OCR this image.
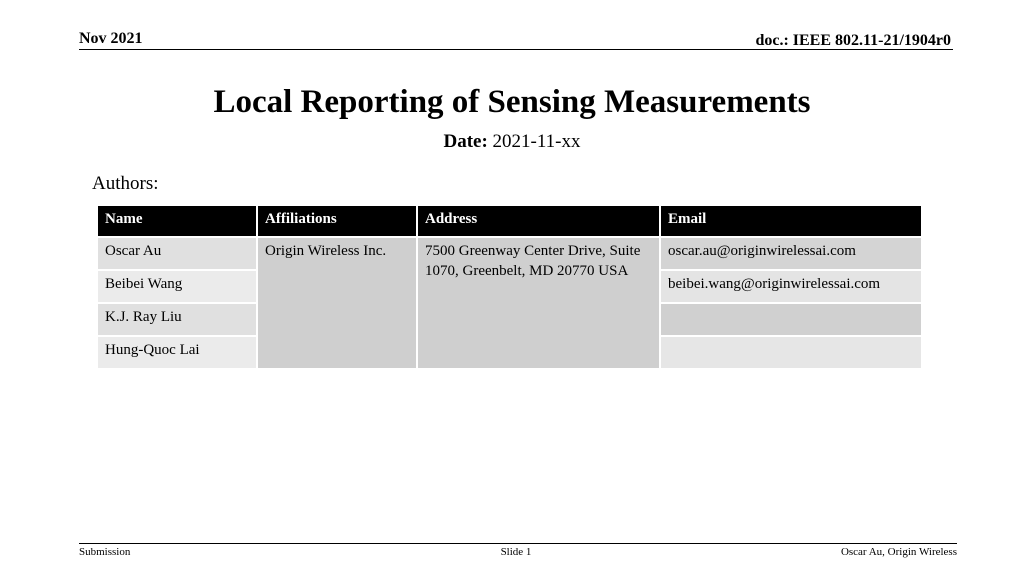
Nov 2021	doc.: IEEE 802.11-21/1904r0
Local Reporting of Sensing Measurements
Date: 2021-11-xx
Authors:
Name	Affiliations	Address	Email
Oscar Au	Origin Wireless Inc.	7500 Greenway Center Drive, Suite 1070, Greenbelt, MD 20770 USA	oscar.au@originwirelessai.com
Beibei Wang			beibei.wang@originwirelessai.com
K.J. Ray Liu			
Hung-Quoc Lai			
Submission	Slide 1	Oscar Au, Origin Wireless
